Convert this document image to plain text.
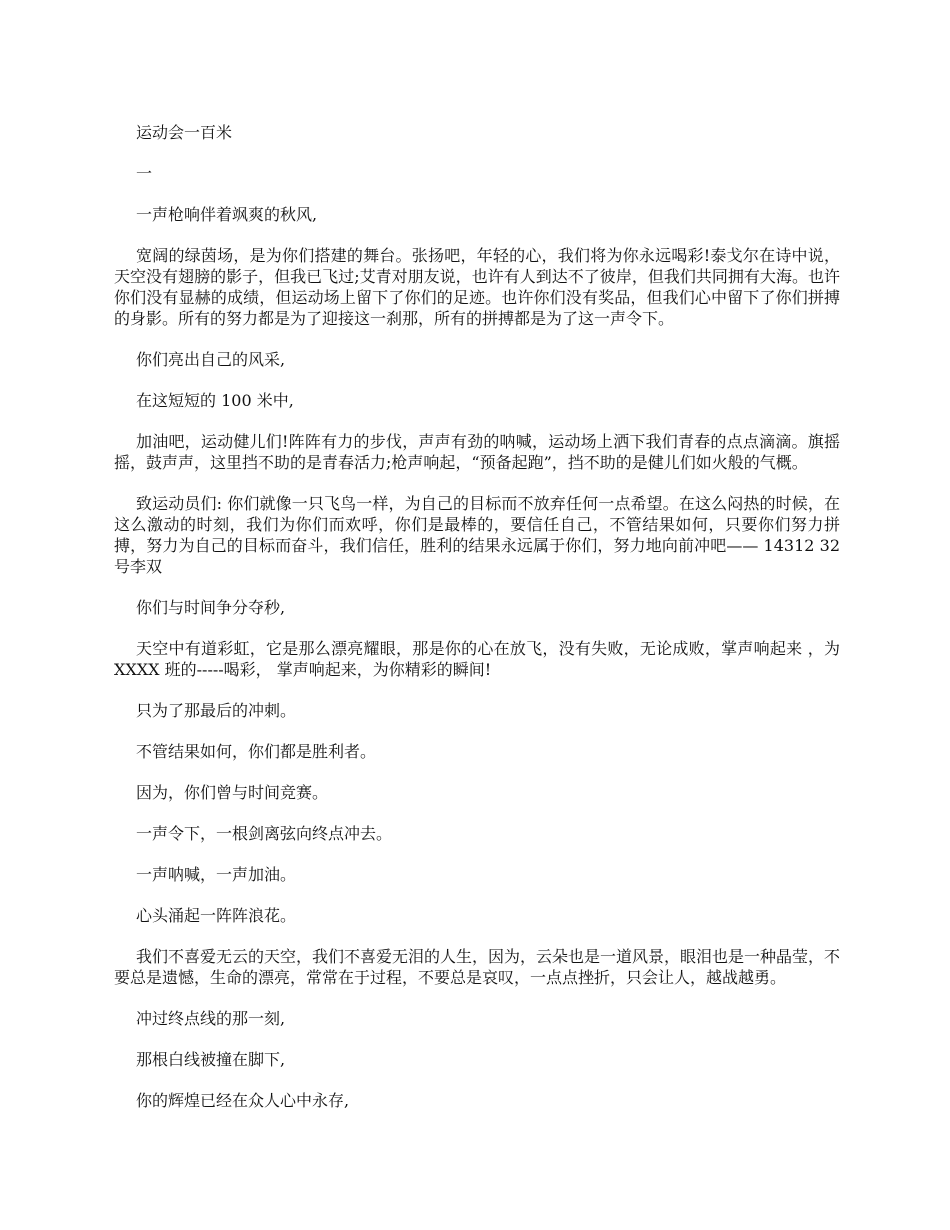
运动会一百米

一

一声枪响伴着飒爽的秋风,

宽阔的绿茵场，是为你们搭建的舞台。张扬吧，年轻的心，我们将为你永远喝彩!泰戈尔在诗中说，天空没有翅膀的影子，但我已飞过;艾青对朋友说，也许有人到达不了彼岸，但我们共同拥有大海。也许你们没有显赫的成绩，但运动场上留下了你们的足迹。也许你们没有奖品，但我们心中留下了你们拼搏的身影。所有的努力都是为了迎接这一刹那，所有的拼搏都是为了这一声令下。

你们亮出自己的风采,

在这短短的 100 米中,

加油吧，运动健儿们!阵阵有力的步伐，声声有劲的呐喊，运动场上洒下我们青春的点点滴滴。旗摇摇，鼓声声，这里挡不助的是青春活力;枪声响起，“预备起跑”，挡不助的是健儿们如火般的气概。

致运动员们: 你们就像一只飞鸟一样，为自己的目标而不放弃任何一点希望。在这么闷热的时候，在这么激动的时刻，我们为你们而欢呼，你们是最棒的，要信任自己，不管结果如何，只要你们努力拼搏，努力为自己的目标而奋斗，我们信任，胜利的结果永远属于你们，努力地向前冲吧—— 14312 32 号李双

你们与时间争分夺秒,

天空中有道彩虹，它是那么漂亮耀眼，那是你的心在放飞，没有失败，无论成败，掌声响起来 ，为 XXXX 班的-----喝彩， 掌声响起来，为你精彩的瞬间!

只为了那最后的冲刺。

不管结果如何，你们都是胜利者。

因为，你们曾与时间竞赛。

一声令下，一根剑离弦向终点冲去。

一声呐喊，一声加油。

心头涌起一阵阵浪花。

我们不喜爱无云的天空，我们不喜爱无泪的人生，因为，云朵也是一道风景，眼泪也是一种晶莹，不要总是遗憾，生命的漂亮，常常在于过程，不要总是哀叹，一点点挫折，只会让人，越战越勇。

冲过终点线的那一刻,

那根白线被撞在脚下,

你的辉煌已经在众人心中永存,
